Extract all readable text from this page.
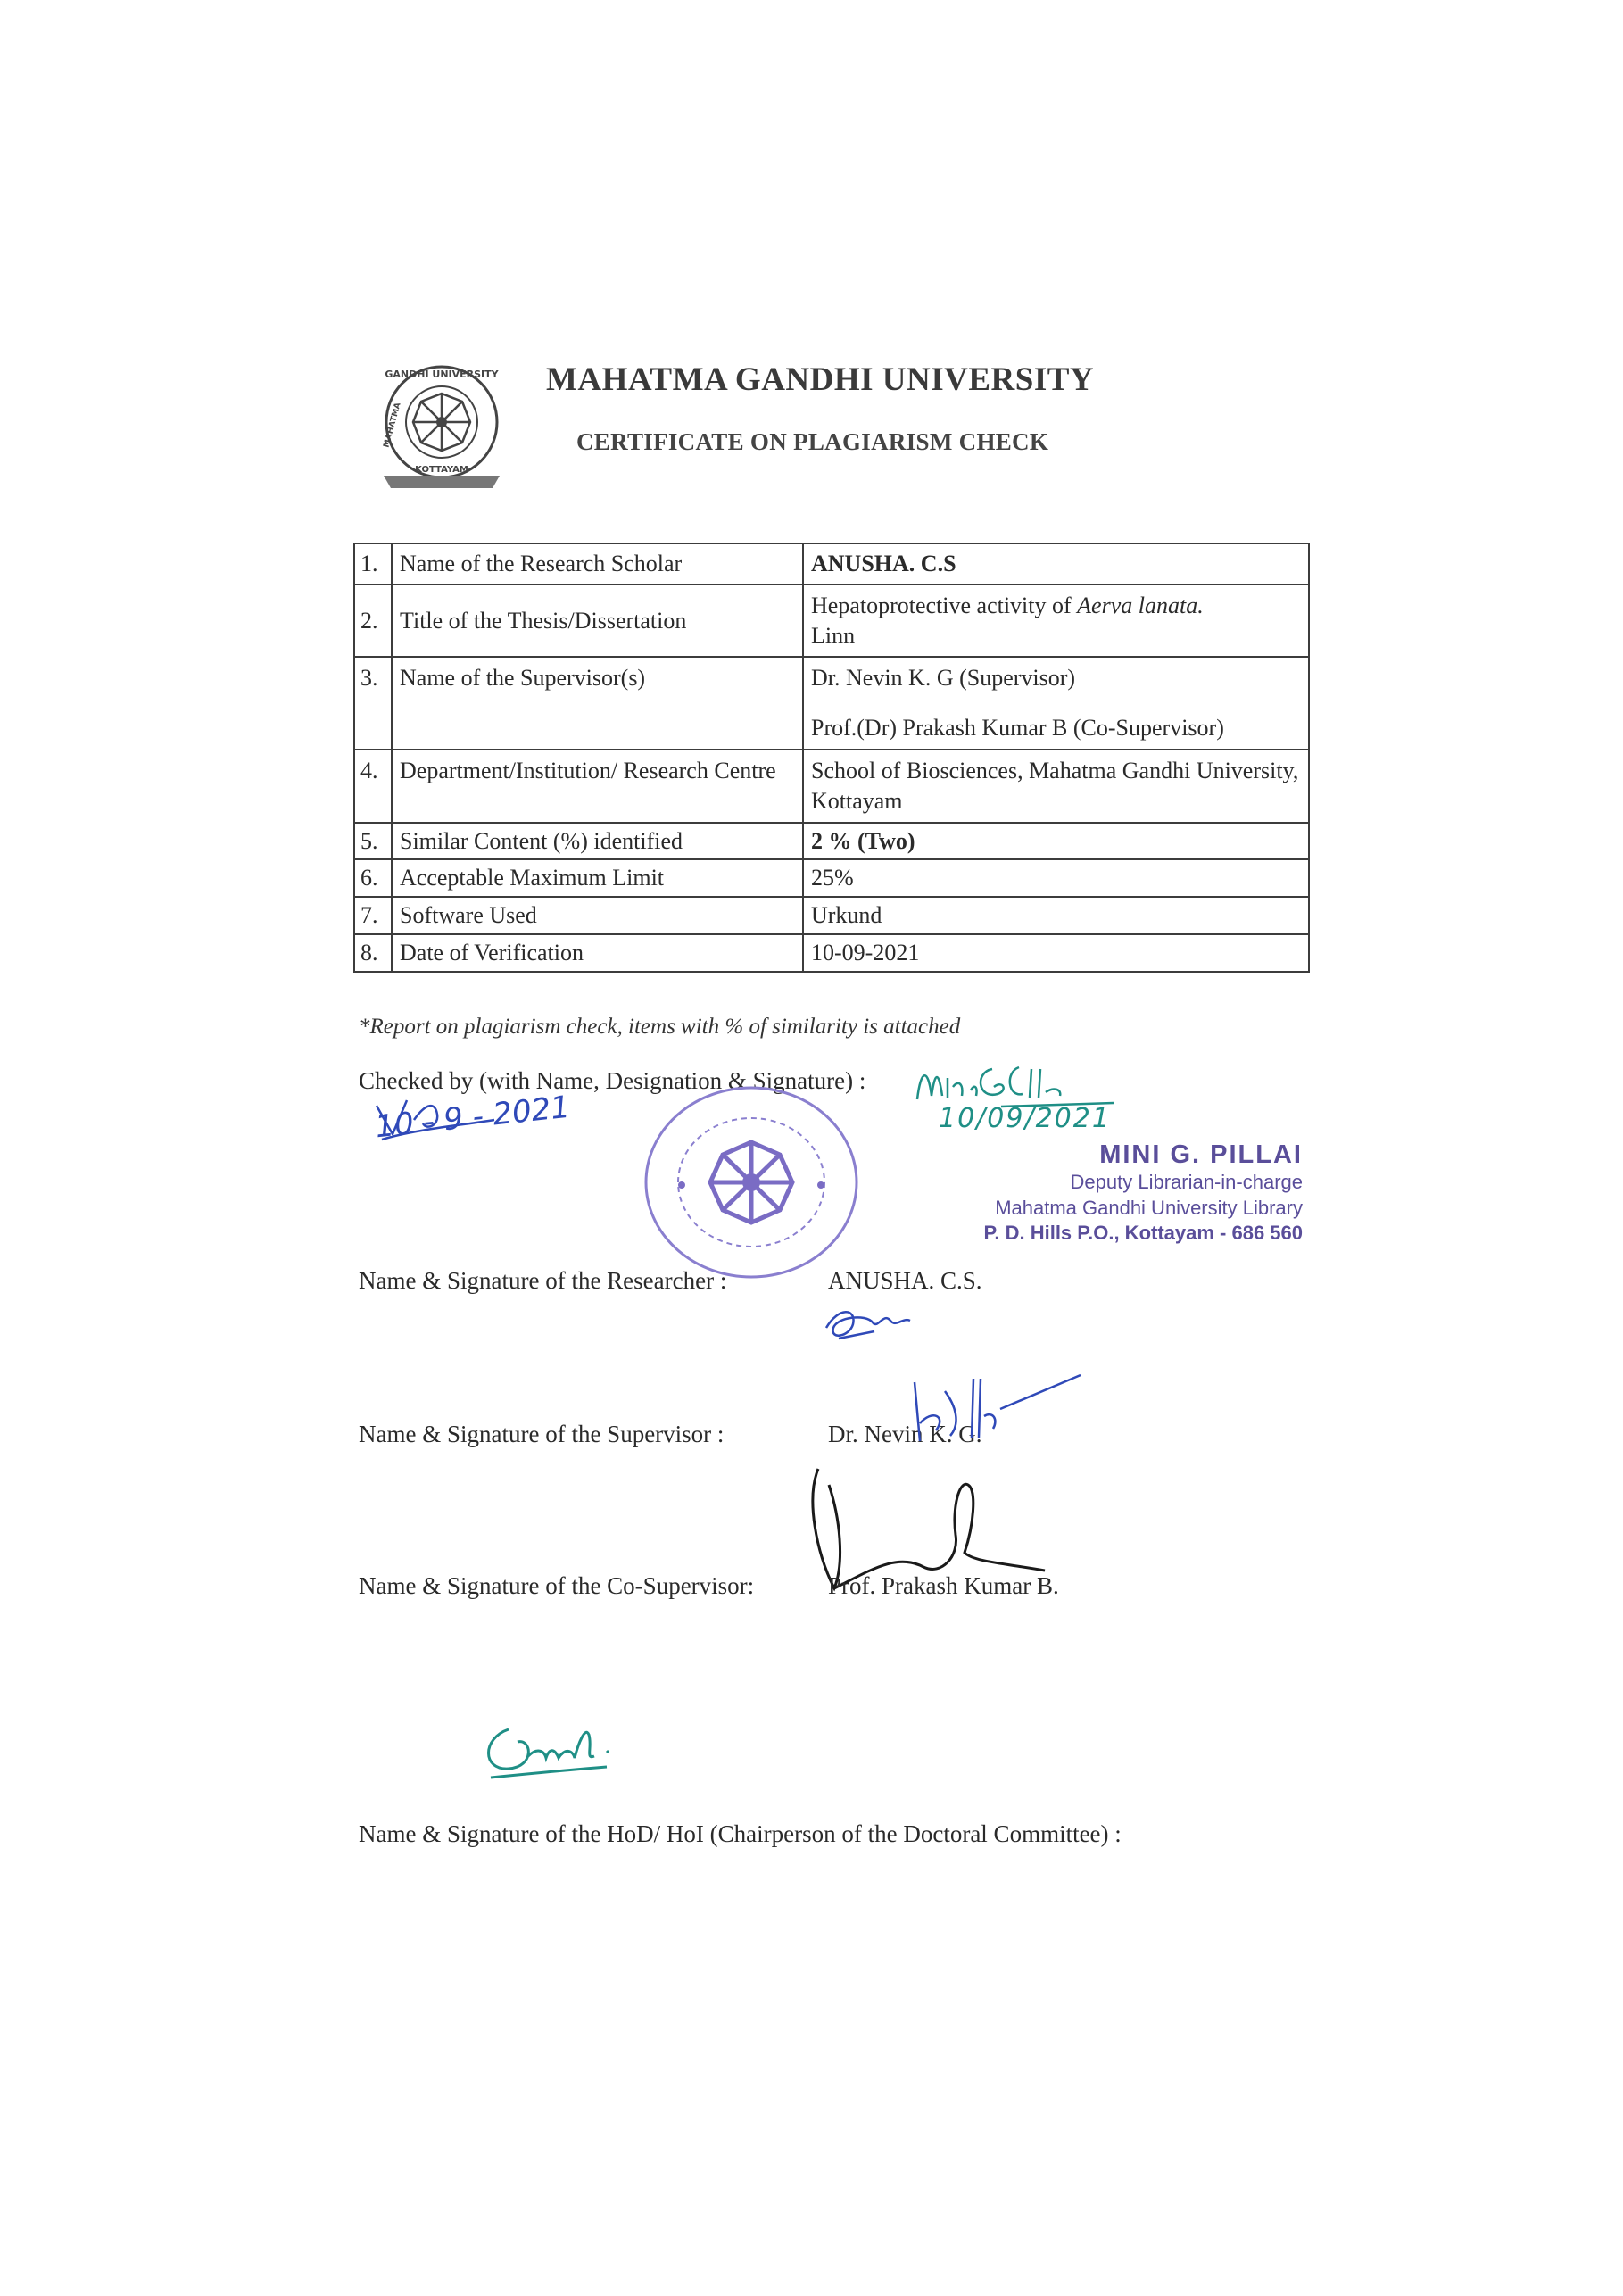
GANDHI UNIVERSITY
KOTTAYAM
MAHATMA
MAHATMA GANDHI UNIVERSITY
CERTIFICATE ON PLAGIARISM CHECK
1.	Name of the Research Scholar	ANUSHA. C.S
2.	Title of the Thesis/Dissertation	Hepatoprotective activity of Aerva lanata.
Linn
3.	Name of the Supervisor(s)	Dr. Nevin K. G (Supervisor)
Prof.(Dr) Prakash Kumar B (Co-Supervisor)

4.	Department/Institution/ Research Centre	School of Biosciences, Mahatma Gandhi University, Kottayam
5.	Similar Content (%) identified	2 % (Two)
6.	Acceptable Maximum Limit	25%
7.	Software Used	Urkund
8.	Date of Verification	10-09-2021
*Report on plagiarism check, items with % of similarity is attached
Checked by (with Name, Designation & Signature) :
10 - 9 - 2021	10/09/2021
MINI G. PILLAI
Deputy Librarian-in-charge
Mahatma Gandhi University Library
P. D. Hills P.O., Kottayam - 686 560
Name & Signature of the Researcher :	ANUSHA. C.S.
Name & Signature of the Supervisor :	Dr. Nevin K. G.
Name & Signature of the Co-Supervisor:	Prof. Prakash Kumar B.
Name & Signature of the HoD/ HoI (Chairperson of the Doctoral Committee) :
